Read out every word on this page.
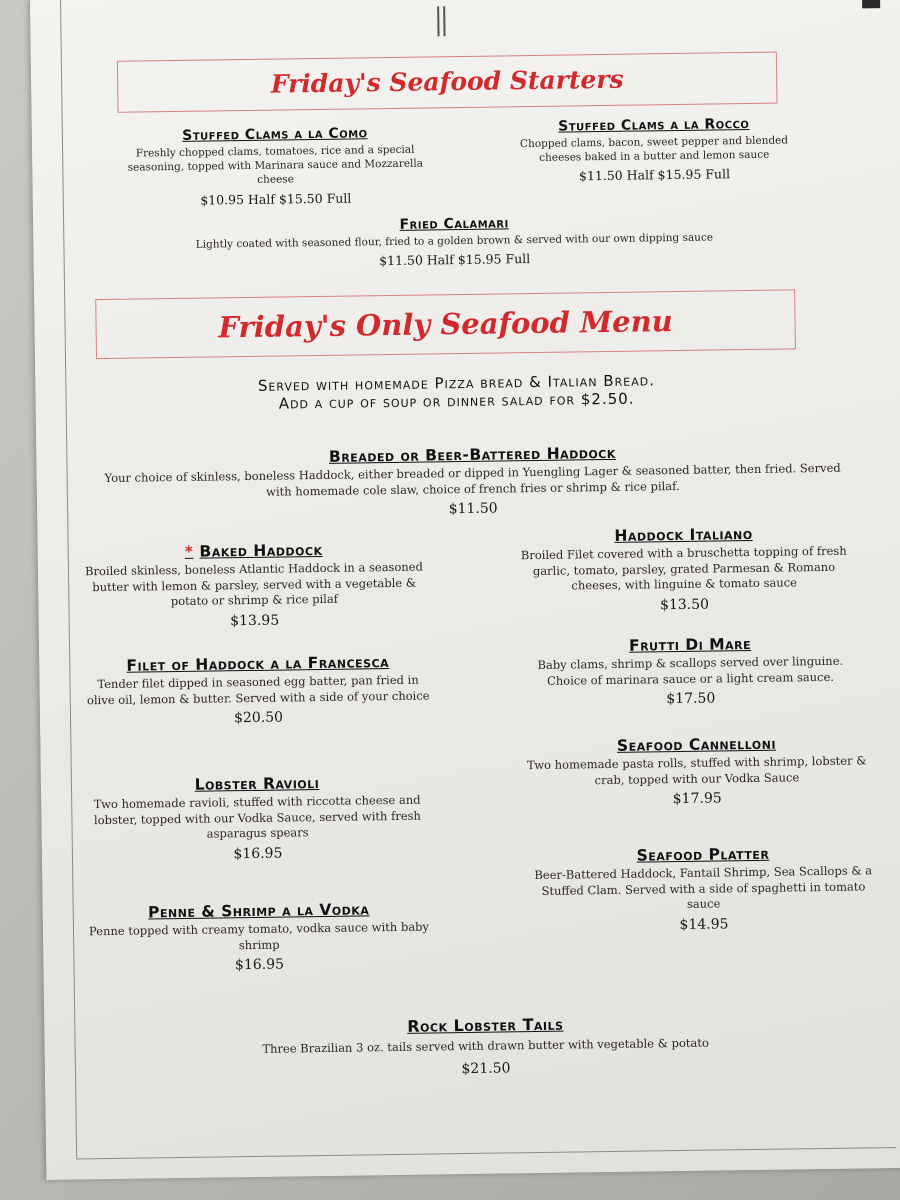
Friday's Seafood Starters
Stuffed Clams a la Como
Freshly chopped clams, tomatoes, rice and a special seasoning, topped with Marinara sauce and Mozzarella cheese
$10.95 Half $15.50 Full
Stuffed Clams a la Rocco
Chopped clams, bacon, sweet pepper and blended cheeses baked in a butter and lemon sauce
$11.50 Half $15.95 Full
Fried Calamari
Lightly coated with seasoned flour, fried to a golden brown & served with our own dipping sauce
$11.50 Half $15.95 Full
Friday's Only Seafood Menu
Served with homemade Pizza bread & Italian Bread.
Add a cup of soup or dinner salad for $2.50.
Breaded or Beer-Battered Haddock
Your choice of skinless, boneless Haddock, either breaded or dipped in Yuengling Lager & seasoned batter, then fried. Served with homemade cole slaw, choice of french fries or shrimp & rice pilaf.
$11.50
* Baked Haddock
Broiled skinless, boneless Atlantic Haddock in a seasoned butter with lemon & parsley, served with a vegetable & potato or shrimp & rice pilaf
$13.95
Haddock Italiano
Broiled Filet covered with a bruschetta topping of fresh garlic, tomato, parsley, grated Parmesan & Romano cheeses, with linguine & tomato sauce
$13.50
Filet of Haddock a la Francesca
Tender filet dipped in seasoned egg batter, pan fried in olive oil, lemon & butter. Served with a side of your choice
$20.50
Frutti Di Mare
Baby clams, shrimp & scallops served over linguine. Choice of marinara sauce or a light cream sauce.
$17.50
Lobster Ravioli
Two homemade ravioli, stuffed with riccotta cheese and lobster, topped with our Vodka Sauce, served with fresh asparagus spears
$16.95
Seafood Cannelloni
Two homemade pasta rolls, stuffed with shrimp, lobster & crab, topped with our Vodka Sauce
$17.95
Seafood Platter
Beer-Battered Haddock, Fantail Shrimp, Sea Scallops & a Stuffed Clam. Served with a side of spaghetti in tomato sauce
$14.95
Penne & Shrimp a la Vodka
Penne topped with creamy tomato, vodka sauce with baby shrimp
$16.95
Rock Lobster Tails
Three Brazilian 3 oz. tails served with drawn butter with vegetable & potato
$21.50
